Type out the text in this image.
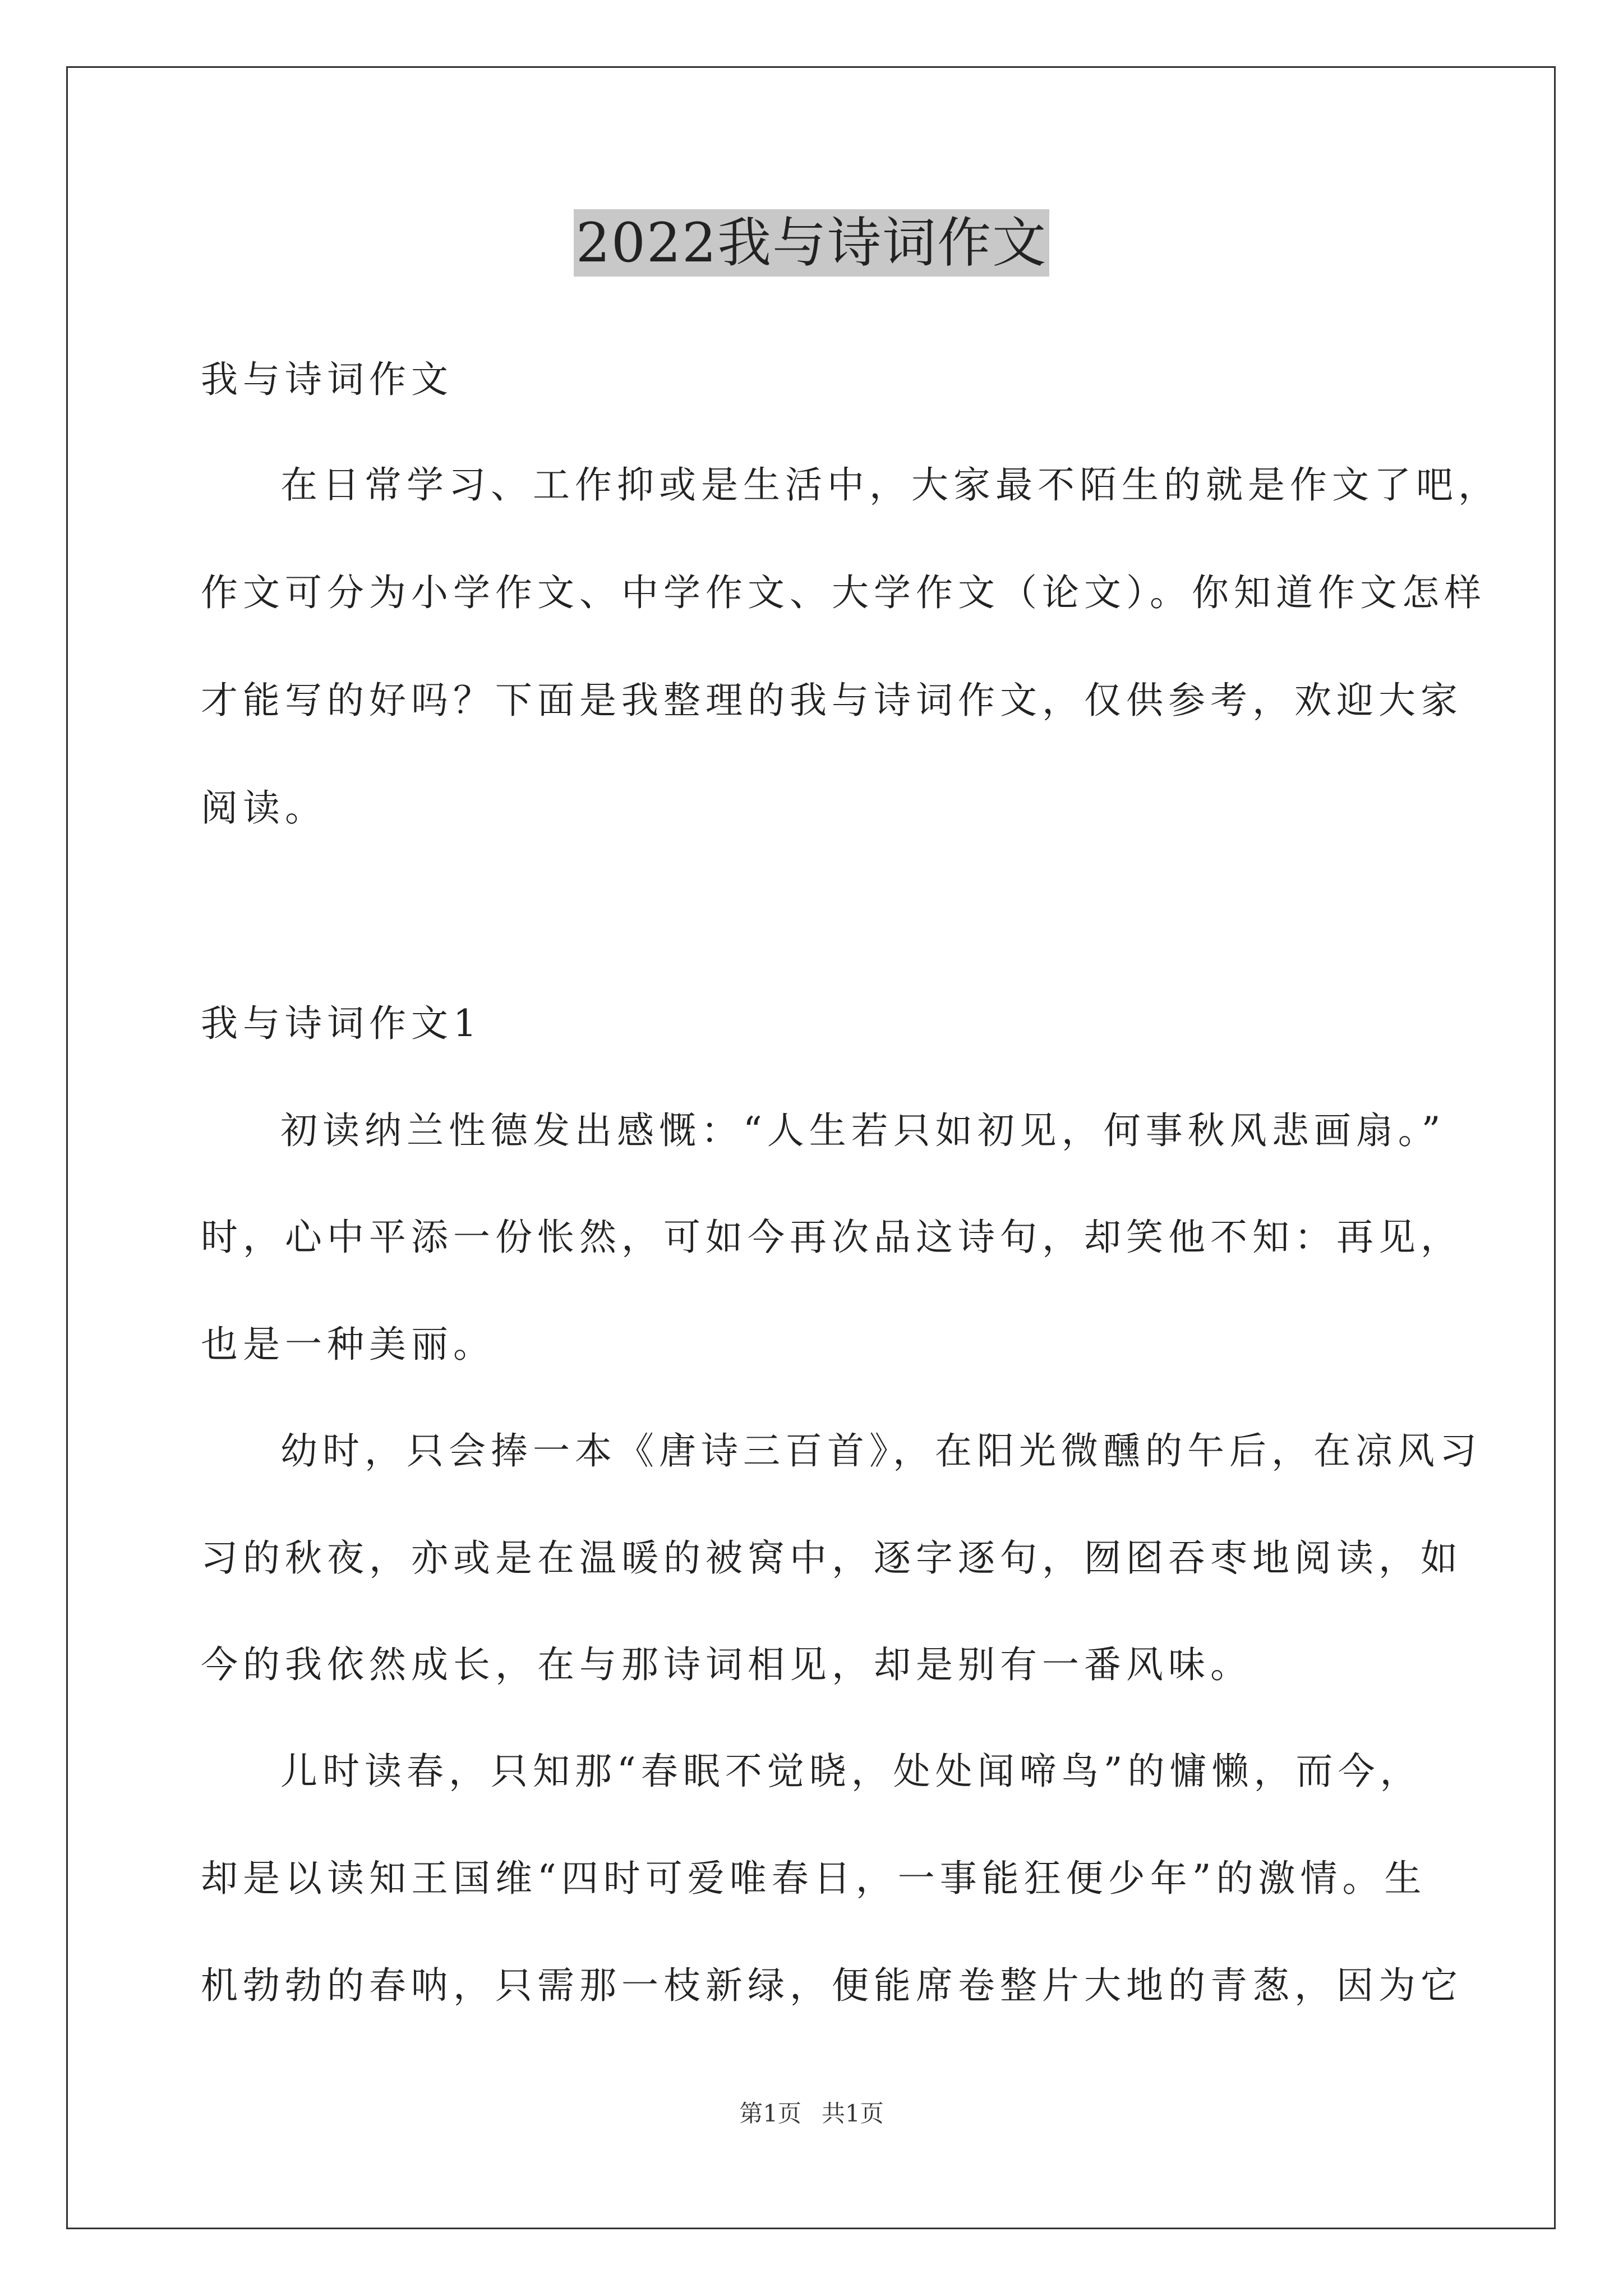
2022我与诗词作文
我与诗词作文
在日常学习、工作抑或是生活中，大家最不陌生的就是作文了吧，
作文可分为小学作文、中学作文、大学作文（论文）。你知道作文怎样
才能写的好吗？下面是我整理的我与诗词作文，仅供参考，欢迎大家
阅读。
我与诗词作文1
初读纳兰性德发出感慨：“人生若只如初见，何事秋风悲画扇。”
时，心中平添一份怅然，可如今再次品这诗句，却笑他不知：再见，
也是一种美丽。
幼时，只会捧一本《唐诗三百首》，在阳光微醺的午后，在凉风习
习的秋夜，亦或是在温暖的被窝中，逐字逐句，囫囵吞枣地阅读，如
今的我依然成长，在与那诗词相见，却是别有一番风味。
儿时读春，只知那“春眠不觉晓，处处闻啼鸟”的慵懒，而今，
却是以读知王国维“四时可爱唯春日，一事能狂便少年”的激情。生
机勃勃的春呐，只需那一枝新绿，便能席卷整片大地的青葱，因为它
第1页 共1页
